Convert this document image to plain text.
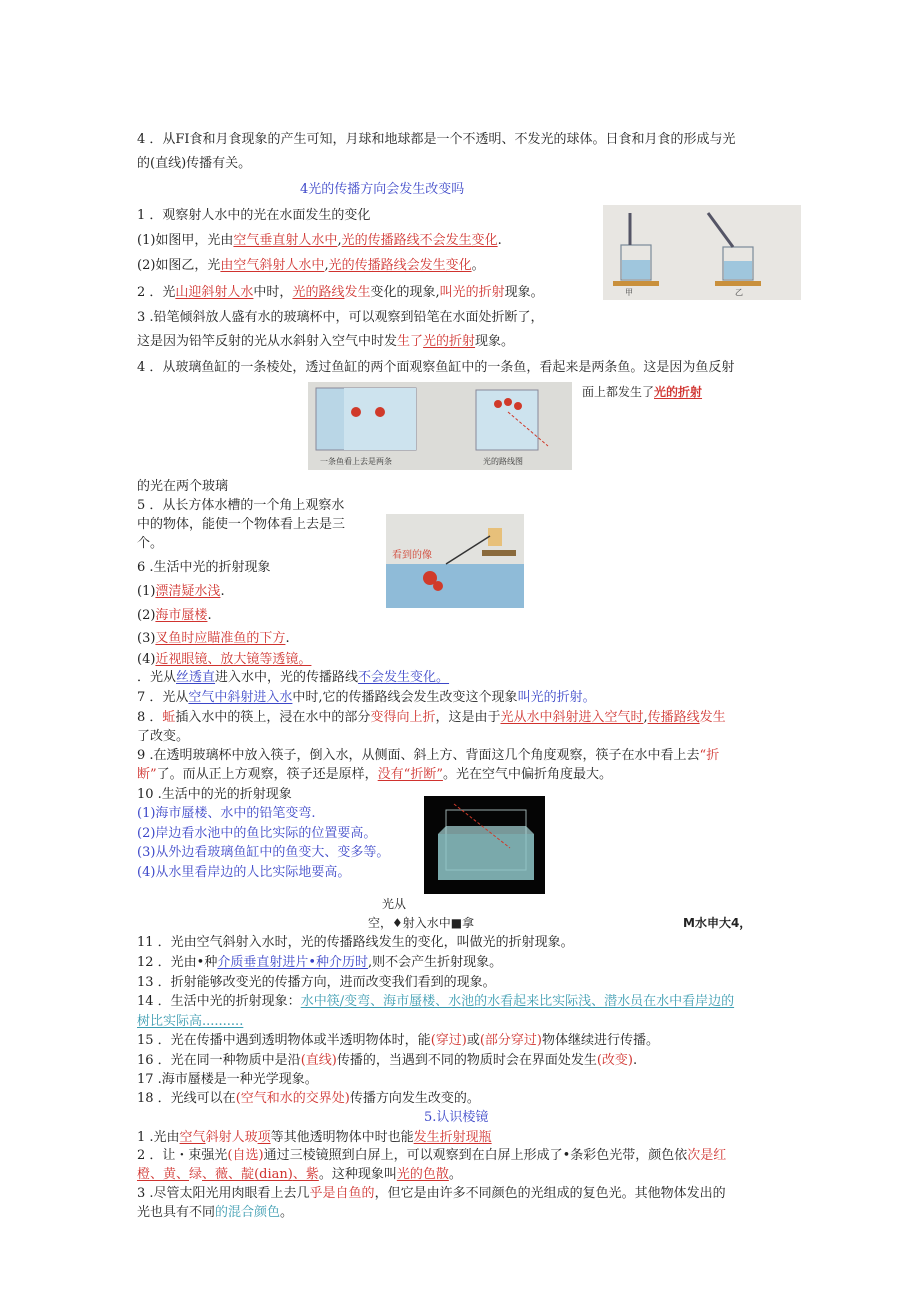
4 ．从FI食和月食现象的产生可知，月球和地球都是一个不透明、不发光的球体。日食和月食的形成与光
的(直线)传播有关。
4光的传播方向会发生改变吗
1 ．观察射人水中的光在水面发生的变化
(1)如图甲，光由空气垂直射人水中,光的传播路线不会发生变化.
(2)如图乙，光由空气斜射人水中,光的传播路线会发生变化。
甲	乙
2 ．光山迎斜射人水中时，光的路线发生变化的现象,叫光的折射现象。
3 .铅笔倾斜放人盛有水的玻璃杯中，可以观察到铅笔在水面处折断了，
这是因为铅竿反射的光从水斜射入空气中时发生了光的折射现象。
4 ．从玻璃鱼缸的一条棱处，透过鱼缸的两个面观察鱼缸中的一条鱼，看起来是两条鱼。这是因为鱼反射
面上都发生了光的折射
一条鱼看上去是两条	光的路线图
的光在两个玻璃
5 ．从长方体水槽的一个角上观察水
中的物体，能使一个物体看上去是三
个。
看到的像
6 .生活中光的折射现象
(1)漂清疑水浅.
(2)海市蜃楼.
(3)叉鱼时应瞄准鱼的下方.
(4)近视眼镜、放大镜等透镜。
．光从丝透直进入水中，光的传播路线不会发生变化。
7 ．光从空气中斜射进入水中时,它的传播路线会发生改变这个现象叫光的折射。
8 ．蚯插入水中的筷上，浸在水中的部分变得向上折，这是由于光从水中斜射进入空气时,传播路线发生
了改变。
9 .在透明玻璃杯中放入筷子，倒入水，从侧面、斜上方、背面这几个角度观察，筷子在水中看上去“折
断”了。而从正上方观察，筷子还是原样，没有“折断”。光在空气中偏折角度最大。
10 .生活中的光的折射现象
(1)海市蜃楼、水中的铅笔变弯.
(2)岸边看水池中的鱼比实际的位置要高。
(3)从外边看玻璃鱼缸中的鱼变大、变多等。
(4)从水里看岸边的人比实际地要高。
光从
空，♦射入水中■拿	M水申大4，
11 ．光由空气斜射入水时，光的传播路线发生的变化，叫做光的折射现象。
12 ．光由•种介质垂直射进片•种介历时,则不会产生折射现象。
13 ．折射能够改变光的传播方向，进而改变我们看到的现象。
14 ．生活中光的折射现象：水中筷/变弯、海市蜃楼、水池的水看起来比实际浅、潜水员在水中看岸边的
树比实际高..........
15 ．光在传播中遇到透明物体或半透明物体时，能(穿过)或(部分穿过)物体继续进行传播。
16 ．光在同一种物质中是沿(直线)传播的，当遇到不同的物质时会在界面处发生(改变).
17 .海市蜃楼是一种光学现象。
18 ．光线可以在(空气和水的交界处)传播方向发生改变的。
5.认识棱镜
1 .光由空气斜射人玻项等其他透明物体中时也能发生折射现瓶
2 ．让・束强光(自选)通过三棱镜照到白屏上，可以观察到在白屏上形成了•条彩色光带，颜色依次是红
橙、黄、绿、薇、靛(dian)、紫。这种现象叫光的色散。
3 .尽管太阳光用肉眼看上去几乎是自鱼的，但它是由许多不同颜色的光组成的复色光。其他物体发出的
光也具有不同的混合颜色。
